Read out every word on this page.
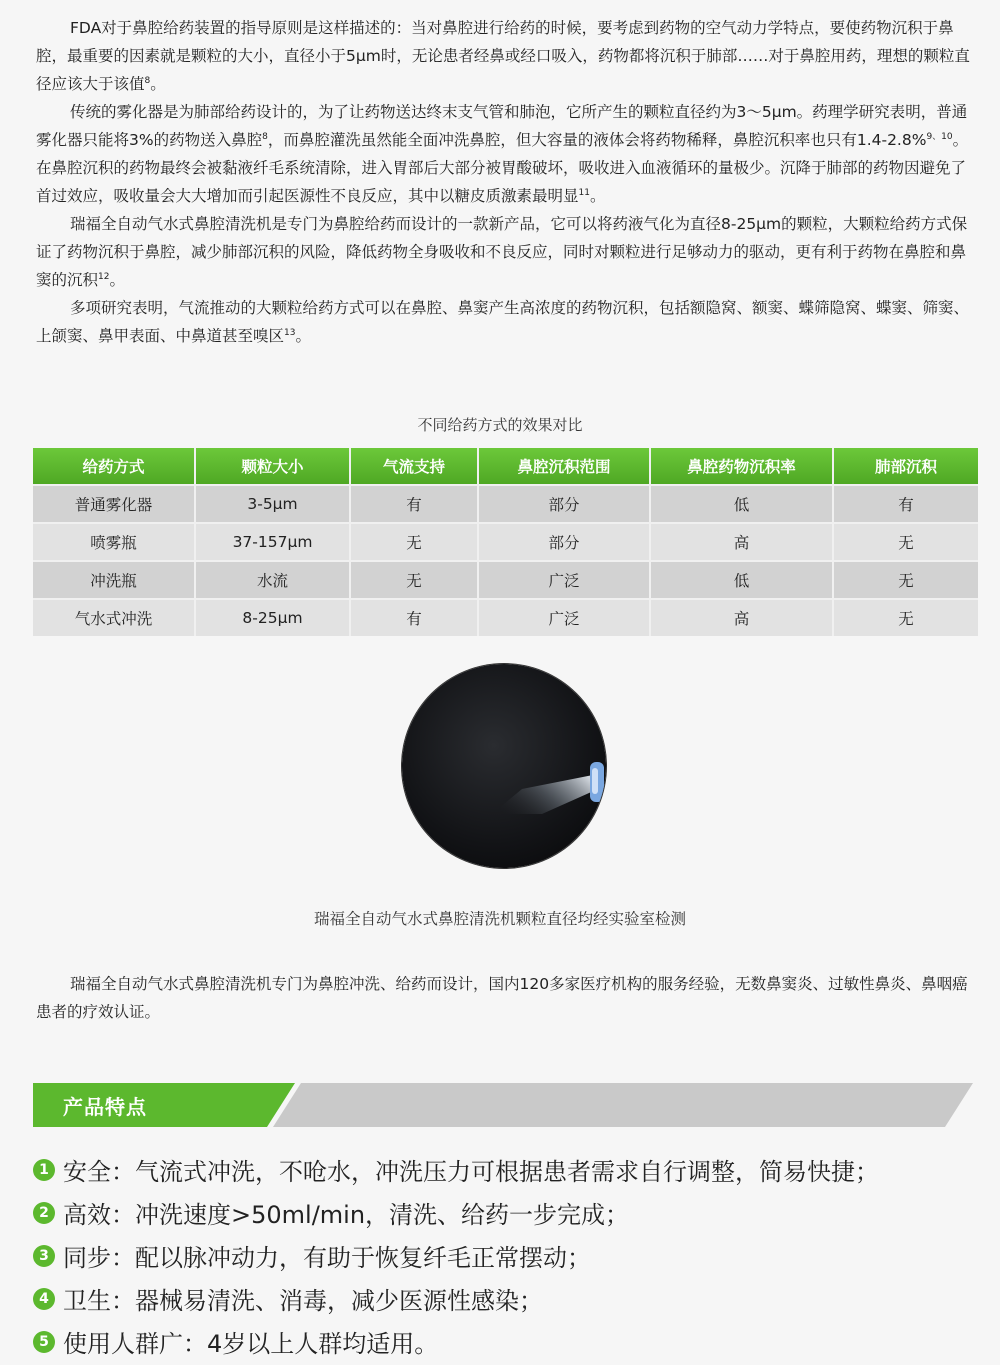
FDA对于鼻腔给药装置的指导原则是这样描述的：当对鼻腔进行给药的时候，要考虑到药物的空气动力学特点，要使药物沉积于鼻腔，最重要的因素就是颗粒的大小，直径小于5μm时，无论患者经鼻或经口吸入，药物都将沉积于肺部……对于鼻腔用药，理想的颗粒直径应该大于该值$^8$。

传统的雾化器是为肺部给药设计的，为了让药物送达终末支气管和肺泡，它所产生的颗粒直径约为3～5μm。药理学研究表明，普通雾化器只能将3%的药物送入鼻腔$^8$，而鼻腔灌洗虽然能全面冲洗鼻腔，但大容量的液体会将药物稀释，鼻腔沉积率也只有1.4-2.8%$^{9、10}$。在鼻腔沉积的药物最终会被黏液纤毛系统清除，进入胃部后大部分被胃酸破坏，吸收进入血液循环的量极少。沉降于肺部的药物因避免了首过效应，吸收量会大大增加而引起医源性不良反应，其中以糖皮质激素最明显$^{11}$。

瑞福全自动气水式鼻腔清洗机是专门为鼻腔给药而设计的一款新产品，它可以将药液气化为直径8-25μm的颗粒，大颗粒给药方式保证了药物沉积于鼻腔，减少肺部沉积的风险，降低药物全身吸收和不良反应，同时对颗粒进行足够动力的驱动，更有利于药物在鼻腔和鼻窦的沉积$^{12}$。

多项研究表明，气流推动的大颗粒给药方式可以在鼻腔、鼻窦产生高浓度的药物沉积，包括额隐窝、额窦、蝶筛隐窝、蝶窦、筛窦、上颌窦、鼻甲表面、中鼻道甚至嗅区$^{13}$。

不同给药方式的效果对比
给药方式	颗粒大小	气流支持	鼻腔沉积范围	鼻腔药物沉积率	肺部沉积
普通雾化器	3-5μm	有	部分	低	有
喷雾瓶	37-157μm	无	部分	高	无
冲洗瓶	水流	无	广泛	低	无
气水式冲洗	8-25μm	有	广泛	高	无
瑞福全自动气水式鼻腔清洗机颗粒直径均经实验室检测

瑞福全自动气水式鼻腔清洗机专门为鼻腔冲洗、给药而设计，国内120多家医疗机构的服务经验，无数鼻窦炎、过敏性鼻炎、鼻咽癌患者的疗效认证。

产品特点
1 安全：气流式冲洗，不呛水，冲洗压力可根据患者需求自行调整，简易快捷；
2 高效：冲洗速度>50ml/min，清洗、给药一步完成；
3 同步：配以脉冲动力，有助于恢复纤毛正常摆动；
4 卫生：器械易清洗、消毒，减少医源性感染；
5 使用人群广：4岁以上人群均适用。
